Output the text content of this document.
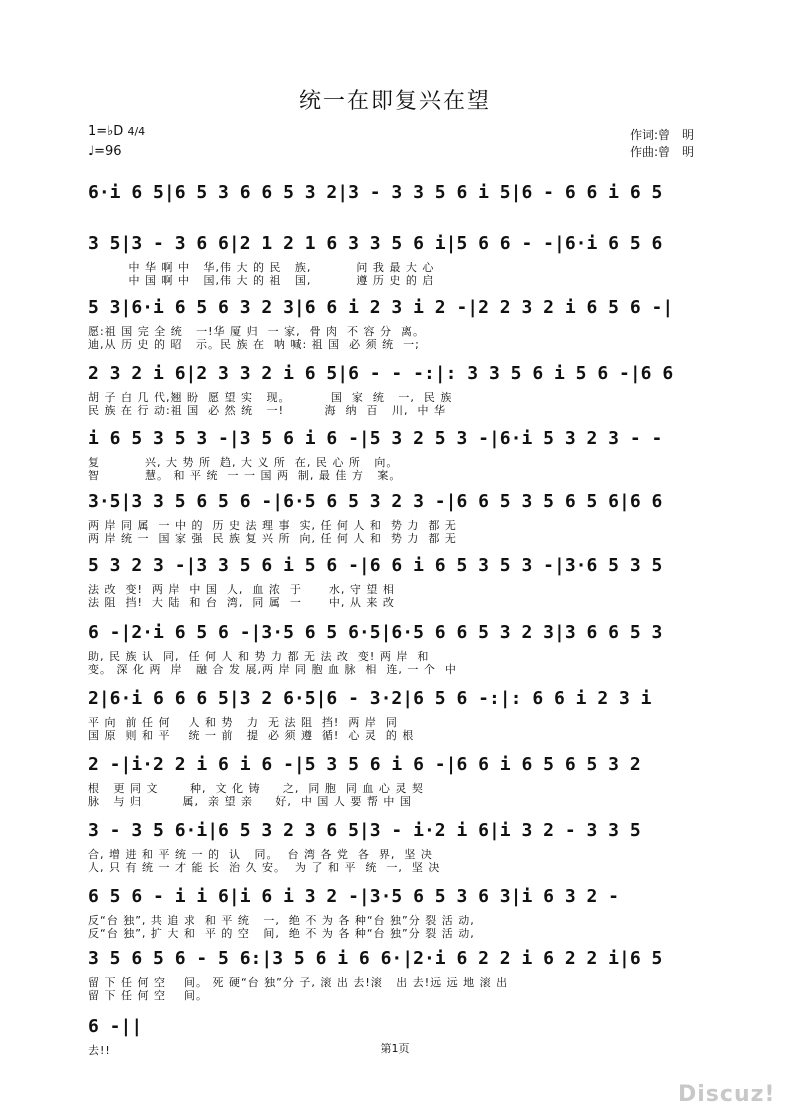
统一在即复兴在望
1=♭D 4/4
♩=96
作词:曾　明
作曲:曾　明
6·i 6 5|6 5 3 6 6 5 3 2|3 - 3 3 5 6 i 5|6 - 6 6 i 6 5
3 5|3 - 3 6 6|2 1 2 1 6 3 3 5 6 i|5 6 6 - -|6·i 6 5 6
中 华 啊 中   华,伟 大 的 民   族,          问 我 最 大 心
中 国 啊 中   国,伟 大 的 祖   国,          遵 历 史 的 启
5 3|6·i 6 5 6 3 2 3|6 6 i 2 3 i 2 -|2 2 3 2 i 6 5 6 -|
愿:祖 国 完 全 统   一!华 厦 归  一 家,  骨 肉  不 容 分  离。
迪,从 历 史 的 昭   示。民 族 在  呐 喊: 祖 国  必 须 统  一;
2 3 2 i 6|2 3 3 2 i 6 5|6 - - -:|: 3 3 5 6 i 5 6 -|6 6
胡 子 白 几 代,翘 盼  愿 望 实   现。         国  家  统   一,  民 族
民 族 在 行 动:祖 国  必 然 统   一!         海  纳  百   川,  中 华
i 6 5 3 5 3 -|3 5 6 i 6 -|5 3 2 5 3 -|6·i 5 3 2 3 - -
复          兴, 大 势 所  趋, 大 义 所  在, 民 心 所   向。
智          慧。 和 平 统  一 一 国 两  制, 最 佳 方   案。
3·5|3 3 5 6 5 6 -|6·5 6 5 3 2 3 -|6 6 5 3 5 6 5 6|6 6
两 岸 同 属  一 中 的  历 史 法 理 事  实, 任 何 人 和  势 力  都 无
两 岸 统 一  国 家 强  民 族 复 兴 所  向, 任 何 人 和  势 力  都 无
5 3 2 3 -|3 3 5 6 i 5 6 -|6 6 i 6 5 3 5 3 -|3·6 5 3 5
法 改  变!  两 岸  中 国  人,  血 浓  于      水, 守 望 相
法 阻  挡!  大 陆  和 台  湾,  同 属  一      中, 从 来 改
6 -|2·i 6 5 6 -|3·5 6 5 6·5|6·5 6 6 5 3 2 3|3 6 6 5 3
助, 民 族 认  同,  任 何 人 和 势 力 都 无 法 改  变! 两 岸  和
变。 深 化 两  岸   融 合 发 展,两 岸 同 胞 血 脉  相  连, 一 个  中
2|6·i 6 6 6 5|3 2 6·5|6 - 3·2|6 5 6 -:|: 6 6 i 2 3 i
平 向  前 任 何    人 和 势   力  无 法 阻  挡!  两 岸  同
国 原  则 和 平    统 一 前   提  必 须 遵  循!  心 灵  的 根
2 -|i·2 2 i 6 i 6 -|5 3 5 6 i 6 -|6 6 i 6 5 6 5 3 2
根   更 同 文       种,  文 化 铸     之,  同 胞  同 血 心 灵 契
脉   与 归         属,  亲 望 亲     好,  中 国 人 要 帮 中 国
3 - 3 5 6·i|6 5 3 2 3 6 5|3 - i·2 i 6|i 3 2 - 3 3 5
合, 增 进 和 平 统 一 的  认   同。  台 湾 各 党  各  界,  坚 决
人, 只 有 统 一 才 能 长  治 久 安。  为 了 和 平  统  一,  坚 决
6 5 6 - i i 6|i 6 i 3 2 -|3·5 6 5 3 6 3|i 6 3 2 -
反“台 独”, 共 追 求  和 平 统   一,  绝 不 为 各 种“台 独”分 裂 活 动,
反“台 独”, 扩 大 和  平 的 空   间,  绝 不 为 各 种“台 独”分 裂 活 动,
3 5 6 5 6 - 5 6:|3 5 6 i 6 6·|2·i 6 2 2 i 6 2 2 i|6 5
留 下 任 何 空    间。 死 硬“台 独”分 子, 滚 出 去!滚   出 去!远 远 地 滚 出
留 下 任 何 空    间。
6 -||
去!!	第1页
Discuz!
